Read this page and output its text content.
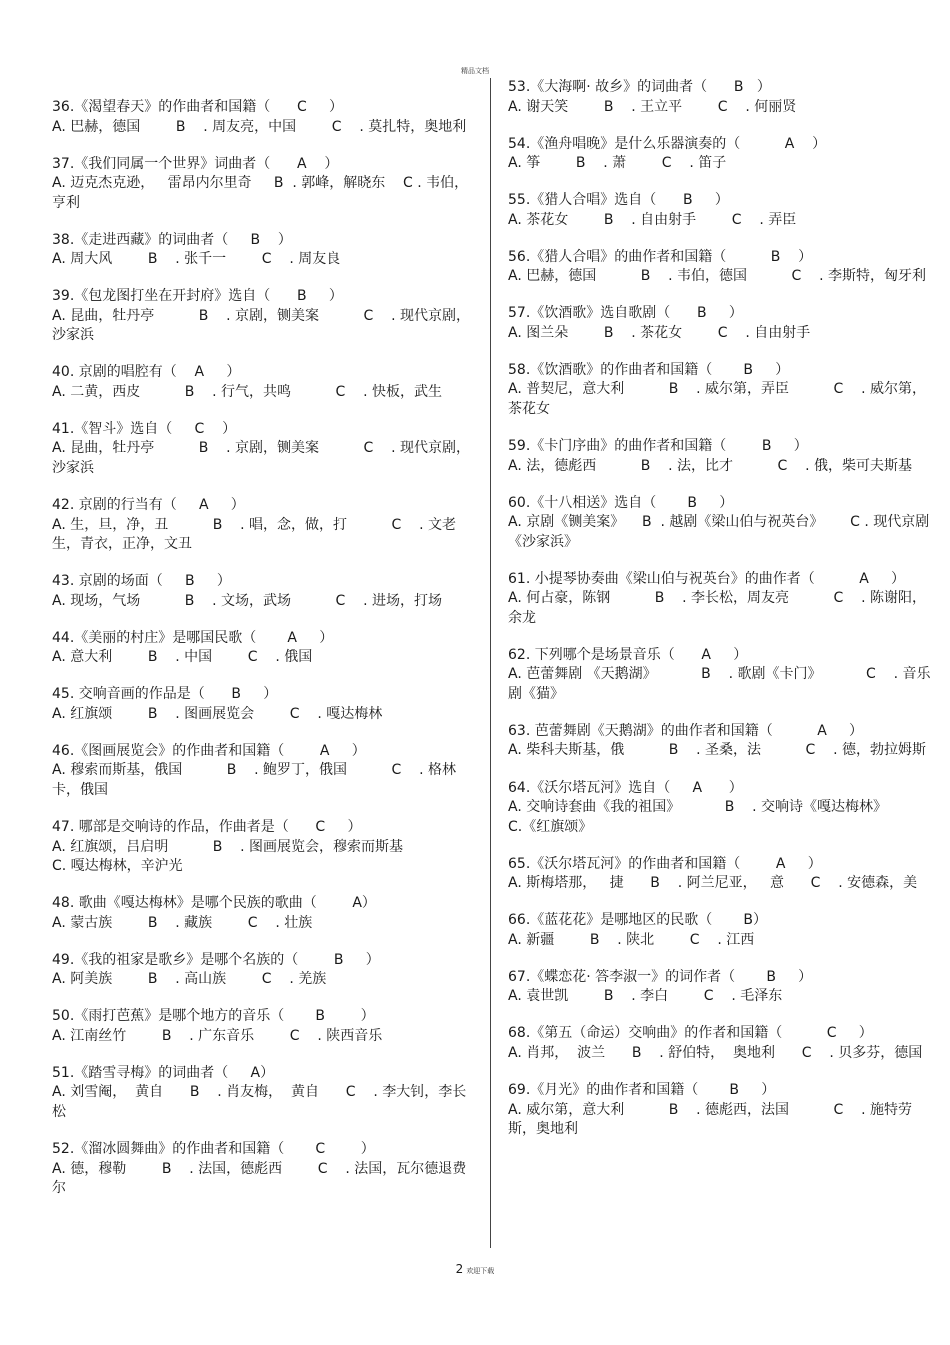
精品文档
36.《渴望春天》的作曲者和国籍（      C     ）
A. 巴赫，德国        B    . 周友亮，中国        C    . 莫扎特，奥地利
37.《我们同属一个世界》词曲者（      A    ）
A. 迈克杰克逊，   雷昂内尔里奇     B  . 郭峰，解晓东    C . 韦伯，亨利
38.《走进西藏》的词曲者（     B    ）
A. 周大风        B    . 张千一        C    . 周友良
39.《包龙图打坐在开封府》选自（      B     ）
A. 昆曲，牡丹亭          B    . 京剧，铡美案          C    . 现代京剧，沙家浜
40. 京剧的唱腔有（    A     ）
A. 二黄，西皮          B    . 行气，共鸣          C    . 快板，武生
41.《智斗》选自（     C    ）
A. 昆曲，牡丹亭          B    . 京剧，铡美案          C    . 现代京剧，沙家浜
42. 京剧的行当有（     A     ）
A. 生，旦，净，丑          B    . 唱，念，做，打          C    . 文老生，青衣，正净，文丑
43. 京剧的场面（     B     ）
A. 现场，气场          B    . 文场，武场          C    . 进场，打场
44.《美丽的村庄》是哪国民歌（       A     ）
A. 意大利        B    . 中国        C    . 俄国
45. 交响音画的作品是（      B     ）
A. 红旗颂        B    . 图画展览会        C    . 嘎达梅林
46.《图画展览会》的作曲者和国籍（        A     ）
A. 穆索而斯基，俄国          B    . 鲍罗丁，俄国          C    . 格林卡，俄国
47. 哪部是交响诗的作品，作曲者是（      C     ）
A. 红旗颂，吕启明          B    . 图画展览会，穆索而斯基
C. 嘎达梅林，辛沪光
48. 歌曲《嘎达梅林》是哪个民族的歌曲（        A）
A. 蒙古族        B    . 藏族        C    . 壮族
49.《我的祖家是歌乡》是哪个名族的（        B     ）
A. 阿美族        B    . 高山族        C    . 羌族
50.《雨打芭蕉》是哪个地方的音乐（       B        ）
A. 江南丝竹        B    . 广东音乐        C    . 陕西音乐
51.《踏雪寻梅》的词曲者（     A）
A. 刘雪阉，  黄自      B    . 肖友梅，  黄自      C    . 李大钊，李长松
52.《溜冰圆舞曲》的作曲者和国籍（       C        ）
A. 德，穆勒        B    . 法国，德彪西        C    . 法国，瓦尔德退费尔
53.《大海啊· 故乡》的词曲者（      B   ）
A. 谢天笑        B    . 王立平        C    . 何丽贤
54.《渔舟唱晚》是什么乐器演奏的（          A    ）
A. 筝        B    . 萧        C    . 笛子
55.《猎人合唱》选自（      B     ）
A. 茶花女        B    . 自由射手        C    . 弄臣
56.《猎人合唱》的曲作者和国籍（          B    ）
A. 巴赫，德国          B    . 韦伯，德国          C    . 李斯特，匈牙利
57.《饮酒歌》选自歌剧（      B     ）
A. 图兰朵        B    . 茶花女        C    . 自由射手
58.《饮酒歌》的作曲者和国籍（       B     ）
A. 普契尼，意大利          B    . 威尔第，弄臣          C    . 威尔第，茶花女
59.《卡门序曲》的曲作者和国籍（        B     ）
A. 法，德彪西          B    . 法，比才          C    . 俄，柴可夫斯基
60.《十八相送》选自（       B     ）
A. 京剧《铡美案》    B  . 越剧《梁山伯与祝英台》      C . 现代京剧《沙家浜》
61. 小提琴协奏曲《梁山伯与祝英台》的曲作者（          A     ）
A. 何占豪，陈钢          B    . 李长松，周友亮          C    . 陈谢阳，余龙
62. 下列哪个是场景音乐（      A     ）
A. 芭蕾舞剧 《天鹅湖》          B    . 歌剧《卡门》          C    . 音乐剧《猫》
63. 芭蕾舞剧《天鹅湖》的曲作者和国籍（          A     ）
A. 柴科夫斯基，俄          B    . 圣桑，法          C    . 德，勃拉姆斯
64.《沃尔塔瓦河》选自（     A      ）
A. 交响诗套曲《我的祖国》          B    . 交响诗《嘎达梅林》
C.《红旗颂》
65.《沃尔塔瓦河》的作曲者和国籍（        A     ）
A. 斯梅塔那，   捷      B    . 阿兰尼亚，   意      C    . 安德森，美
66.《蓝花花》是哪地区的民歌（       B）
A. 新疆        B    . 陕北        C    . 江西
67.《蝶恋花· 答李淑一》的词作者（       B     ）
A. 袁世凯        B    . 李白        C    . 毛泽东
68.《第五（命运）交响曲》的作者和国籍（          C     ）
A. 肖邦，  波兰      B    . 舒伯特，  奥地利      C    . 贝多芬，德国
69.《月光》的曲作者和国籍（       B     ）
A. 威尔第，意大利          B    . 德彪西，法国          C    . 施特劳斯，奥地利
2 欢迎下载
